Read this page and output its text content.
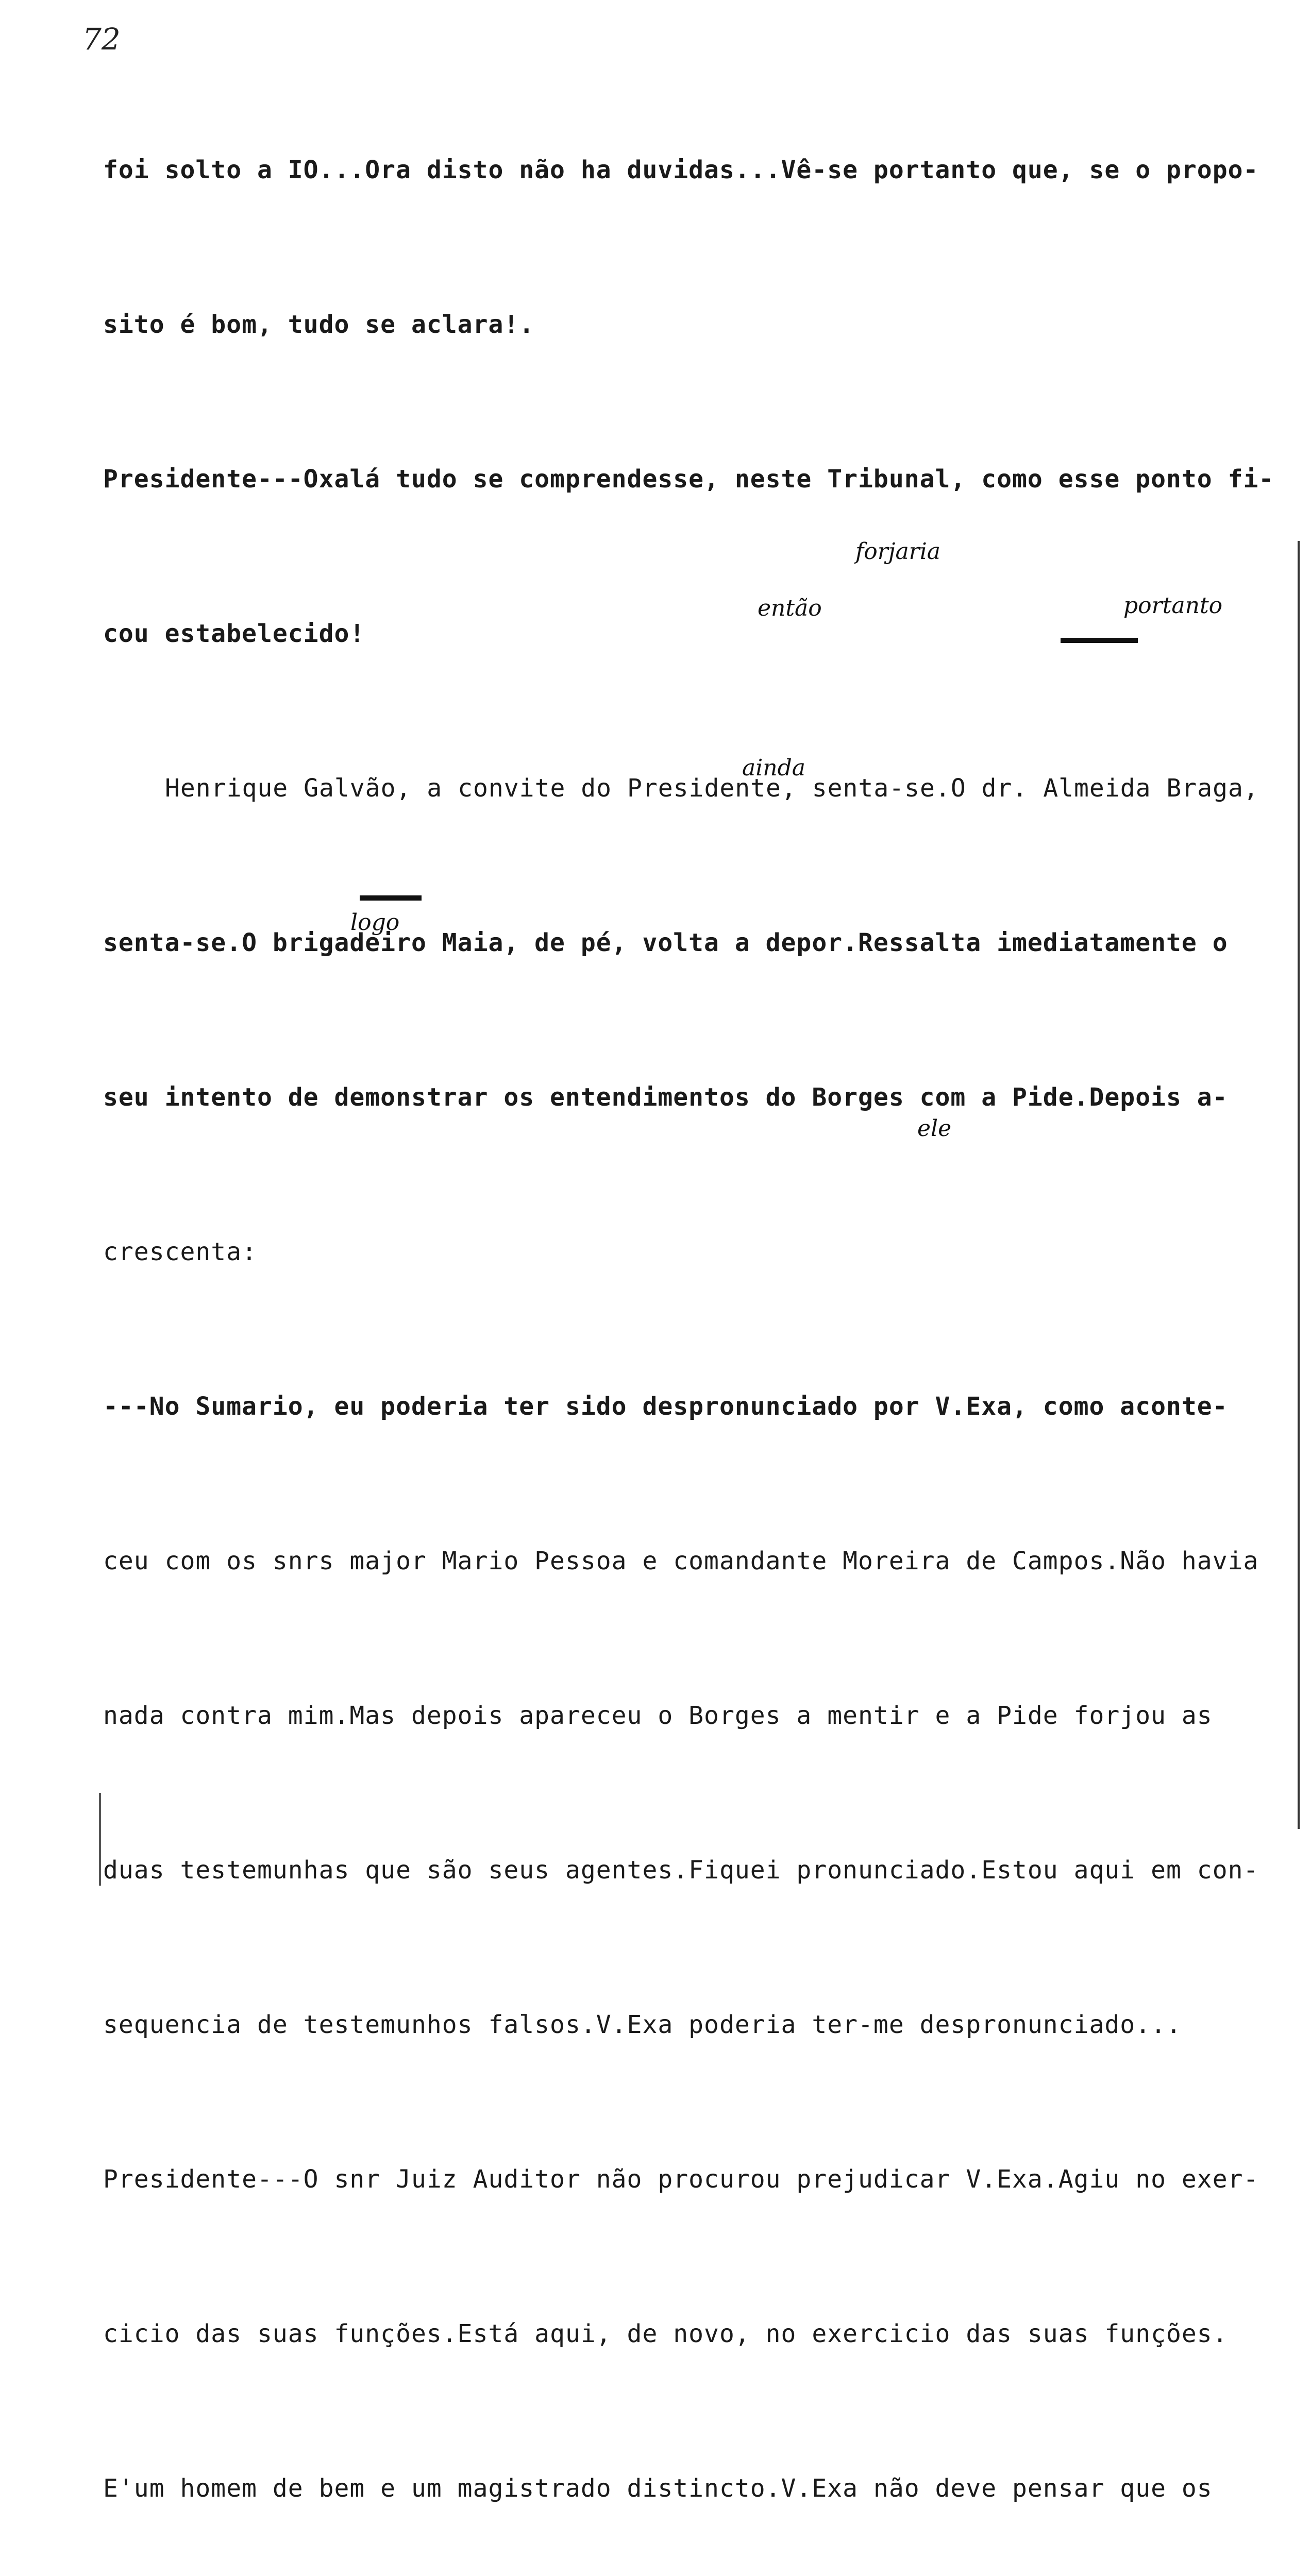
72

foi solto a IO...Ora disto não ha duvidas...Vê-se portanto que, se o propo-

sito é bom, tudo se aclara!.

Presidente---Oxalá tudo se comprendesse, neste Tribunal, como esse ponto fi-

cou estabelecido!

Henrique Galvão, a convite do Presidente, senta-se.O dr. Almeida Braga,

senta-se.O brigadeiro Maia, de pé, volta a depor.Ressalta imediatamente o

seu intento de demonstrar os entendimentos do Borges com a Pide.Depois a-

crescenta:

---No Sumario, eu poderia ter sido despronunciado por V.Exa, como aconte-

ceu com os snrs major Mario Pessoa e comandante Moreira de Campos.Não havia

nada contra mim.Mas depois apareceu o Borges a mentir e a Pide forjou as

duas testemunhas que são seus agentes.Fiquei pronunciado.Estou aqui em con-

sequencia de testemunhos falsos.V.Exa poderia ter-me despronunciado...

Presidente---O snr Juiz Auditor não procurou prejudicar V.Exa.Agiu no exer-

cicio das suas funções.Está aqui, de novo, no exercicio das suas funções.

E'um homem de bem e um magistrado distincto.V.Exa não deve pensar que os

forjaria
então	portanto
ainda
logo
ele
